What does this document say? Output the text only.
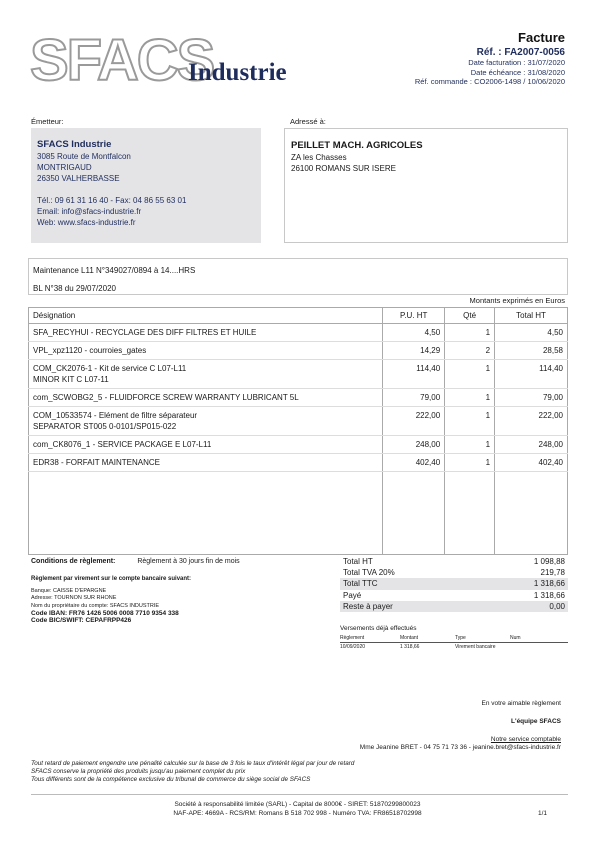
SFACS
Industrie
Facture
Réf. : FA2007-0056
Date facturation : 31/07/2020
Date échéance : 31/08/2020
Réf. commande : CO2006-1498 / 10/06/2020
Émetteur:
SFACS Industrie
3085 Route de Montfalcon
MONTRIGAUD
26350 VALHERBASSE
Tél.: 09 61 31 16 40 - Fax: 04 86 55 63 01
Email: info@sfacs-industrie.fr
Web: www.sfacs-industrie.fr
Adressé à:
PEILLET MACH. AGRICOLES
ZA les Chasses
26100 ROMANS SUR ISERE
Maintenance L11 N°349027/0894 à 14....HRS
BL N°38 du 29/07/2020
Montants exprimés en Euros
Désignation	P.U. HT	Qté	Total HT

SFA_RECYHUI - RECYCLAGE DES DIFF FILTRES ET HUILE	4,50	1	4,50

VPL_xpz1120 - courroies_gates	14,29	2	28,58

COM_CK2076-1 - Kit de service C L07-L11
MINOR KIT C L07-11	114,40	1	114,40

com_SCWOBG2_5 - FLUIDFORCE SCREW WARRANTY LUBRICANT 5L	79,00	1	79,00

COM_10533574 - Elément de filtre séparateur
SEPARATOR ST005 0-0101/SP015-022	222,00	1	222,00

com_CK8076_1 - SERVICE PACKAGE E L07-L11	248,00	1	248,00

EDR38 - FORFAIT MAINTENANCE	402,40	1	402,40

Conditions de règlement:	Règlement à 30 jours fin de mois
Règlement par virement sur le compte bancaire suivant:
Banque: CAISSE D'EPARGNE
Adresse: TOURNON SUR RHONE
Nom du propriétaire du compte: SFACS INDUSTRIE
Code IBAN: FR76 1426 5006 0008 7710 9354 338
Code BIC/SWIFT: CEPAFRPP426
Total HT	1 098,88
Total TVA 20%	219,78
Total TTC	1 318,66
Payé	1 318,66
Reste à payer	0,00
Versements déjà effectués
Règlement	Montant	Type	Num
10/09/2020	1 318,66	Virement bancaire
En votre aimable règlement
L'équipe SFACS
Notre service comptable
Mme Jeanine BRET - 04 75 71 73 36 - jeanine.bret@sfacs-industrie.fr
Tout retard de paiement engendre une pénalité calculée sur la base de 3 fois le taux d'intérêt légal par jour de retard
SFACS conserve la propriété des produits jusqu'au paiement complet du prix
Tous différents sont de la compétence exclusive du tribunal de commerce du siège social de SFACS
Société à responsabilité limitée (SARL) - Capital de 8000€ - SIRET: 51870299800023
NAF-APE: 4669A - RCS/RM: Romans B 518 702 998 - Numéro TVA: FR86518702998	1/1
